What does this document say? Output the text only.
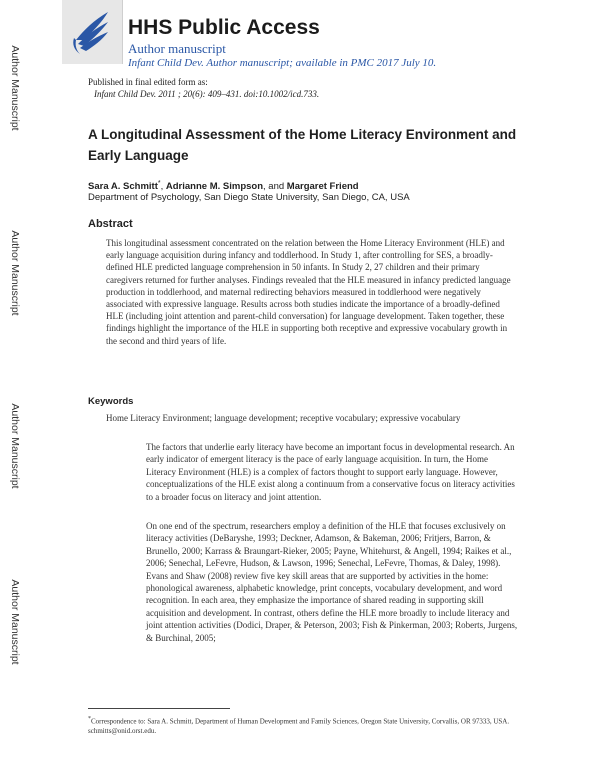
HHS Public Access
Author manuscript
Infant Child Dev. Author manuscript; available in PMC 2017 July 10.
Author Manuscript
Author Manuscript
Author Manuscript
Author Manuscript
Published in final edited form as:
Infant Child Dev. 2011 ; 20(6): 409–431. doi:10.1002/icd.733.
A Longitudinal Assessment of the Home Literacy Environment and Early Language
Sara A. Schmitt*, Adrianne M. Simpson, and Margaret Friend
Department of Psychology, San Diego State University, San Diego, CA, USA
Abstract
This longitudinal assessment concentrated on the relation between the Home Literacy Environment (HLE) and early language acquisition during infancy and toddlerhood. In Study 1, after controlling for SES, a broadly-defined HLE predicted language comprehension in 50 infants. In Study 2, 27 children and their primary caregivers returned for further analyses. Findings revealed that the HLE measured in infancy predicted language production in toddlerhood, and maternal redirecting behaviors measured in toddlerhood were negatively associated with expressive language. Results across both studies indicate the importance of a broadly-defined HLE (including joint attention and parent-child conversation) for language development. Taken together, these findings highlight the importance of the HLE in supporting both receptive and expressive vocabulary growth in the second and third years of life.
Keywords
Home Literacy Environment; language development; receptive vocabulary; expressive vocabulary
The factors that underlie early literacy have become an important focus in developmental research. An early indicator of emergent literacy is the pace of early language acquisition. In turn, the Home Literacy Environment (HLE) is a complex of factors thought to support early language. However, conceptualizations of the HLE exist along a continuum from a conservative focus on literacy activities to a broader focus on literacy and joint attention.
On one end of the spectrum, researchers employ a definition of the HLE that focuses exclusively on literacy activities (DeBaryshe, 1993; Deckner, Adamson, & Bakeman, 2006; Fritjers, Barron, & Brunello, 2000; Karrass & Braungart-Rieker, 2005; Payne, Whitehurst, & Angell, 1994; Raikes et al., 2006; Senechal, LeFevre, Hudson, & Lawson, 1996; Senechal, LeFevre, Thomas, & Daley, 1998). Evans and Shaw (2008) review five key skill areas that are supported by activities in the home: phonological awareness, alphabetic knowledge, print concepts, vocabulary development, and word recognition. In each area, they emphasize the importance of shared reading in supporting skill acquisition and development. In contrast, others define the HLE more broadly to include literacy and joint attention activities (Dodici, Draper, & Peterson, 2003; Fish & Pinkerman, 2003; Roberts, Jurgens, & Burchinal, 2005;
*Correspondence to: Sara A. Schmitt, Department of Human Development and Family Sciences, Oregon State University, Corvallis, OR 97333, USA. schmitts@onid.orst.edu.
